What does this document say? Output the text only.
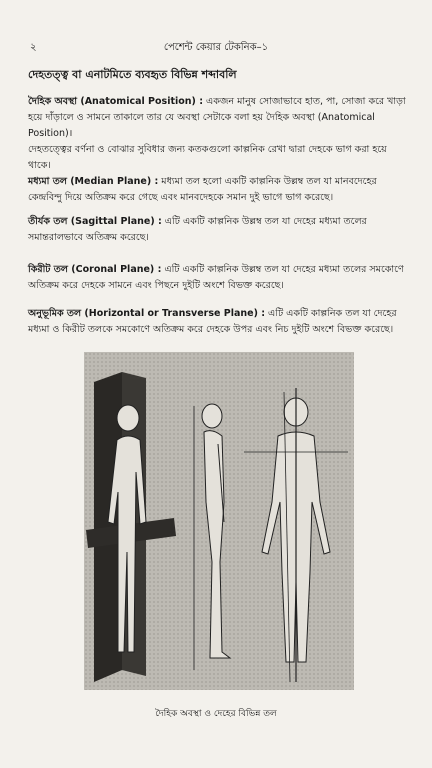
২	পেশেন্ট কেয়ার টেকনিক–১
দেহতত্ত্ব বা এনাটমিতে ব্যবহৃত বিভিন্ন শব্দাবলি
দৈহিক অবস্থা (Anatomical Position) : একজন মানুষ সোজাভাবে হাত, পা, সোজা করে খাড়া হয়ে দাঁড়ালে ও সামনে তাকালে তার যে অবস্থা সেটাকে বলা হয় দৈহিক অবস্থা (Anatomical Position)।
দেহতত্ত্বের বর্ণনা ও বোঝার সুবিধার জন্য কতকগুলো কাল্পনিক রেখা দ্বারা দেহকে ভাগ করা হয়ে থাকে।
মধ্যমা তল (Median Plane) : মধ্যমা তল হলো একটি কাল্পনিক উল্লম্ব তল যা মানবদেহের কেন্দ্রবিন্দু দিয়ে অতিক্রম করে গেছে এবং মানবদেহকে সমান দুই ভাগে ভাগ করেছে।
তীর্যক তল (Sagittal Plane) : এটি একটি কাল্পনিক উল্লম্ব তল যা দেহের মধ্যমা তলের সমান্তরালভাবে অতিক্রম করেছে।
কিরীট তল (Coronal Plane) : এটি একটি কাল্পনিক উল্লম্ব তল যা দেহের মধ্যমা তলের সমকোণে অতিক্রম করে দেহকে সামনে এবং পিছনে দুইটি অংশে বিভক্ত করেছে।
অনুভূমিক তল (Horizontal or Transverse Plane) : এটি একটি কাল্পনিক তল যা দেহের মধ্যমা ও কিরীট তলকে সমকোণে অতিক্রম করে দেহকে উপর এবং নিচ দুইটি অংশে বিভক্ত করেছে।
দৈহিক অবস্থা ও দেহের বিভিন্ন তল
